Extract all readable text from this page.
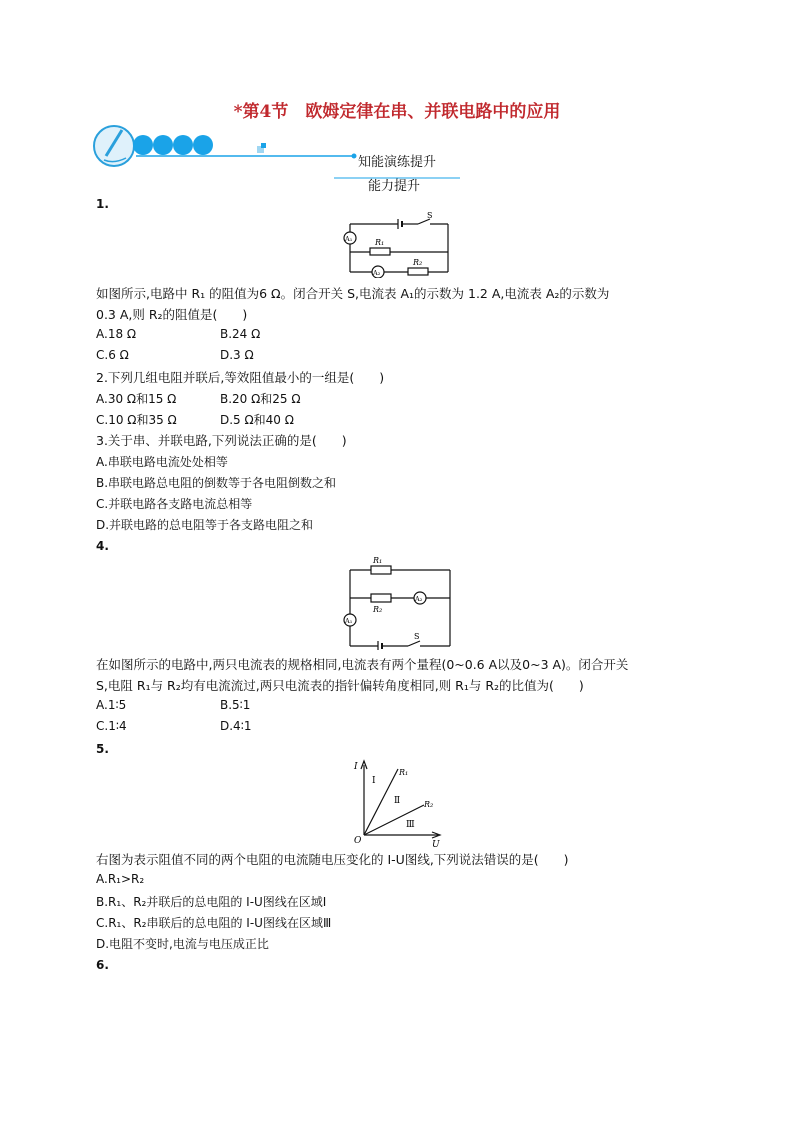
*第4节　欧姆定律在串、并联电路中的应用
知能演练提升
能力提升
1.
S
A₁	R₁
A₂
R₂
如图所示,电路中 R₁ 的阻值为6 Ω。闭合开关 S,电流表 A₁的示数为 1.2 A,电流表 A₂的示数为
0.3 A,则 R₂的阻值是(　　)
A.18 Ω	B.24 Ω
C.6 Ω	D.3 Ω
2.下列几组电阻并联后,等效阻值最小的一组是(　　)
A.30 Ω和15 Ω	B.20 Ω和25 Ω
C.10 Ω和35 Ω	D.5 Ω和40 Ω
3.关于串、并联电路,下列说法正确的是(　　)
A.串联电路电流处处相等
B.串联电路总电阻的倒数等于各电阻倒数之和
C.并联电路各支路电流总相等
D.并联电路的总电阻等于各支路电阻之和
4.
R₁
R₂
A₂
A₁
S
在如图所示的电路中,两只电流表的规格相同,电流表有两个量程(0~0.6 A以及0~3 A)。闭合开关
S,电阻 R₁与 R₂均有电流流过,两只电流表的指针偏转角度相同,则 R₁与 R₂的比值为(　　)
A.1∶5	B.5∶1
C.1∶4	D.4∶1
5.
I
O	U
R₁
R₂
Ⅰ
Ⅱ
Ⅲ
右图为表示阻值不同的两个电阻的电流随电压变化的 I-U图线,下列说法错误的是(　　)
A.R₁>R₂
B.R₁、R₂并联后的总电阻的 I-U图线在区域Ⅰ
C.R₁、R₂串联后的总电阻的 I-U图线在区域Ⅲ
D.电阻不变时,电流与电压成正比
6.
